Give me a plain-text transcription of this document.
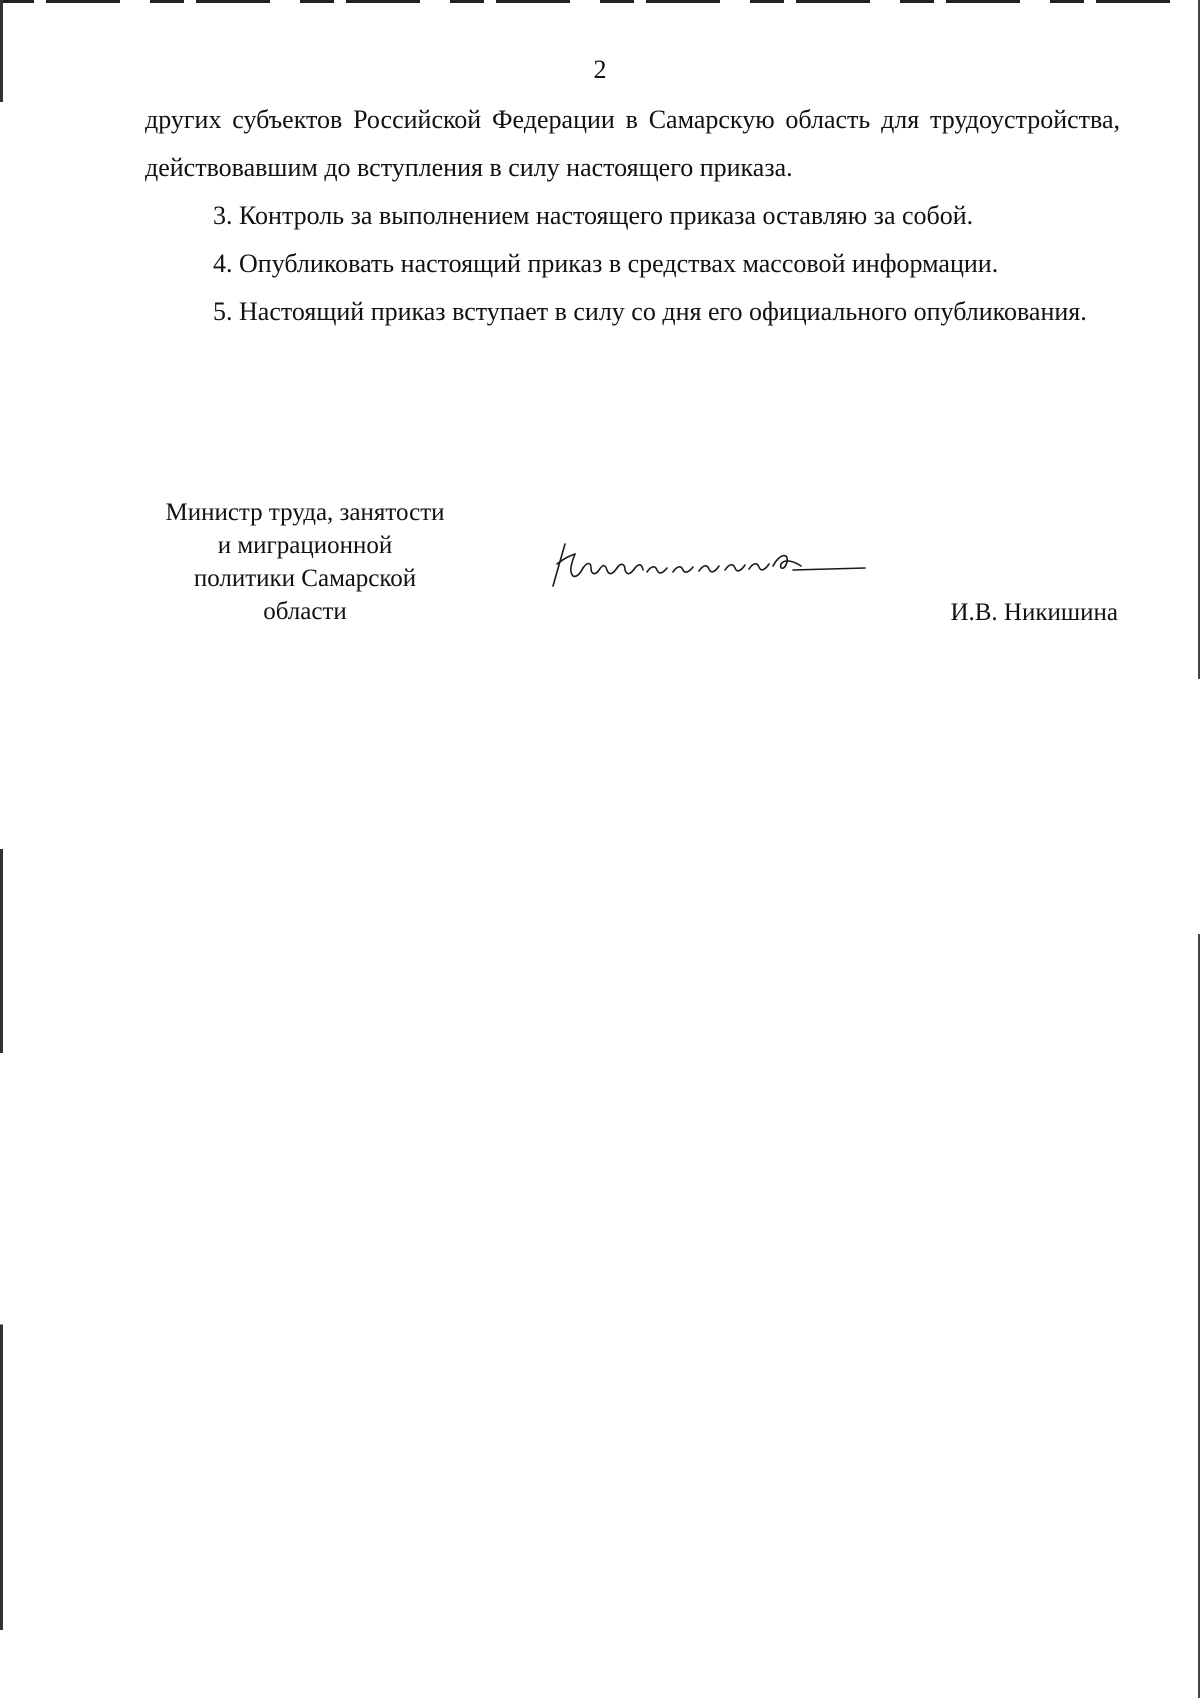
2

других субъектов Российской Федерации в Самарскую область для трудоустройства, действовавшим до вступления в силу настоящего приказа.

3. Контроль за выполнением настоящего приказа оставляю за собой.

4. Опубликовать настоящий приказ в средствах массовой информации.

5. Настоящий приказ вступает в силу со дня его официального опубликования.

Министр труда, занятости
и миграционной
политики Самарской
области	И.В. Никишина
